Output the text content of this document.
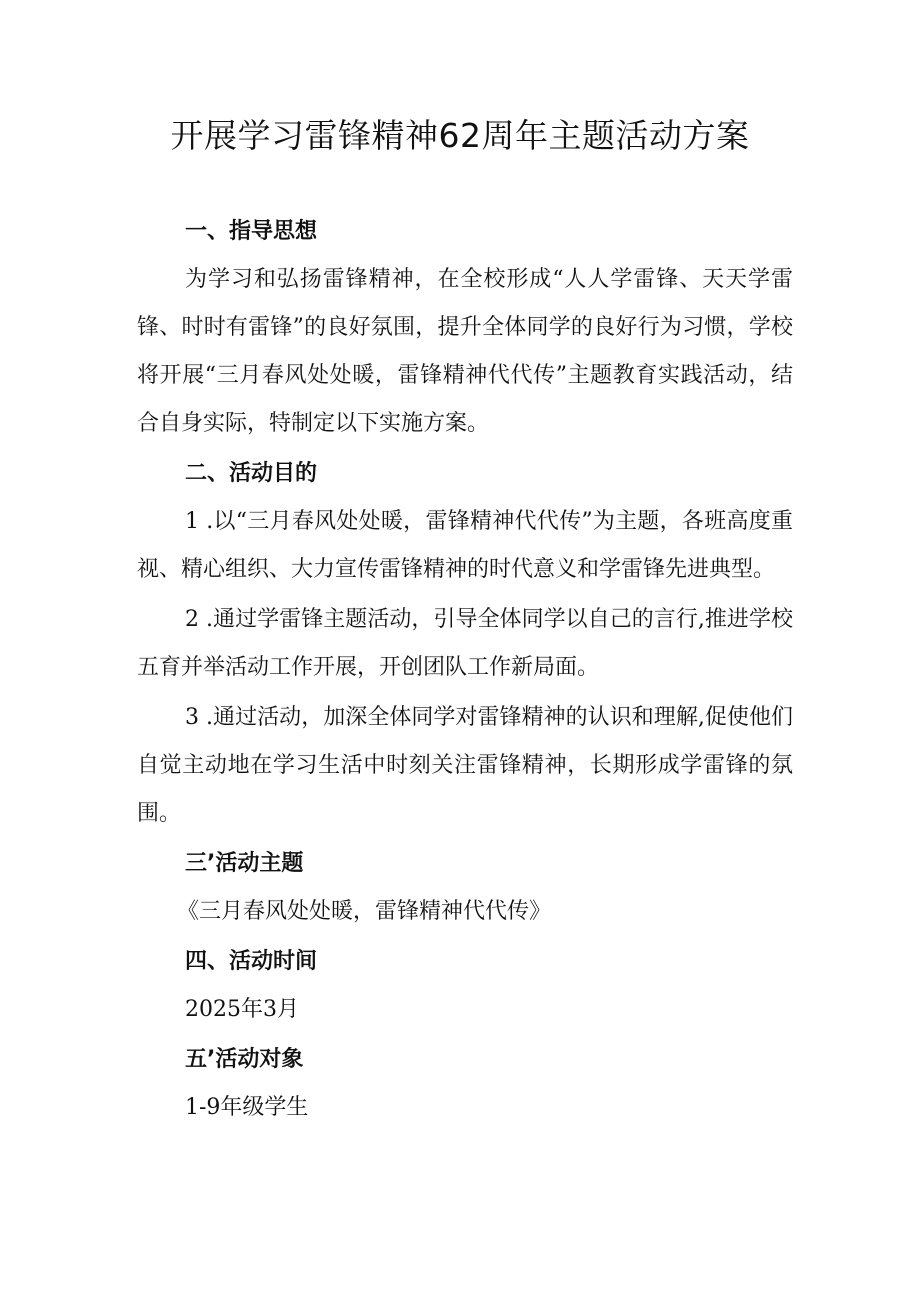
开展学习雷锋精神62周年主题活动方案
一、指导思想
为学习和弘扬雷锋精神，在全校形成“人人学雷锋、天天学雷锋、时时有雷锋”的良好氛围，提升全体同学的良好行为习惯，学校将开展“三月春风处处暖，雷锋精神代代传”主题教育实践活动，结合自身实际，特制定以下实施方案。
二、活动目的
1 .以“三月春风处处暖，雷锋精神代代传”为主题，各班高度重视、精心组织、大力宣传雷锋精神的时代意义和学雷锋先进典型。
2 .通过学雷锋主题活动，引导全体同学以自己的言行,推进学校五育并举活动工作开展，开创团队工作新局面。
3 .通过活动，加深全体同学对雷锋精神的认识和理解,促使他们自觉主动地在学习生活中时刻关注雷锋精神，长期形成学雷锋的氛围。
三’活动主题
《三月春风处处暖，雷锋精神代代传》
四、活动时间
2025年3月
五’活动对象
1-9年级学生
